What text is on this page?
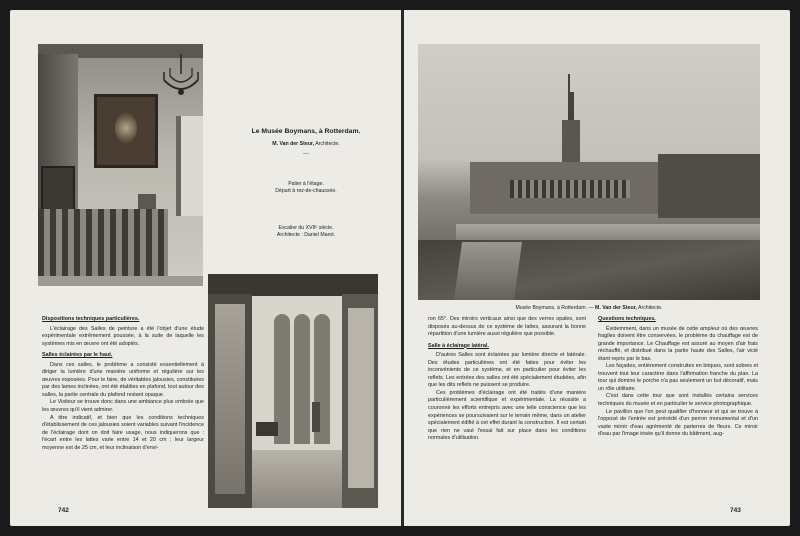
Le Musée Boymans, à Rotterdam.

M. Van der Steur, Architecte.

—

Palier à l'étage.

Départ à rez-de-chaussée.

Escalier du XVIIᵉ siècle.

Architecte : Daniel Marot.

Dispositions techniques particulières.

L'éclairage des Salles de peinture a été l'objet d'une étude expérimentale extrêmement poussée, à la suite de laquelle les systèmes mis en œuvre ont été adoptés.

Salles éclairées par le haut.

Dans ces salles, le problème a consisté essentiellement à diriger la lumière d'une manière uniforme et régulière sur les œuvres exposées. Pour le faire, de véritables jalousies, constituées par des lames inclinées, ont été établies en plafond, tout autour des salles, la partie centrale du plafond restant opaque.

Le Visiteur se trouve donc dans une ambiance plus ombrée que les œuvres qu'il vient admirer.

A titre indicatif, et bien que les conditions techniques d'établissement de ces jalousies soient variables suivant l'incidence de l'éclairage dont on doit faire usage, nous indiquerons que : l'écart entre les lattes varie entre 14 et 20 cm ; leur largeur moyenne est de 25 cm, et leur inclinaison d'envi-

742
Musée Boymans, à Rotterdam. — M. Van der Steur, Architecte.

ron 65°. Des miroirs verticaux ainsi que des verres opales, sont disposés au-dessus de ce système de lattes, assurant la bonne répartition d'une lumière aussi régulière que possible.

Salle à éclairage latéral.

D'autres Salles sont éclairées par lumière directe et latérale. Des études particulières ont été faites pour éviter les inconvénients de ce système, et en particulier pour éviter les reflets. Les entrées des salles ont été spécialement étudiées, afin que les dits reflets ne puissent se produire.

Ces problèmes d'éclairage ont été traités d'une manière particulièrement scientifique et expérimentale. La réussite a couronné les efforts entrepris avec une telle conscience que les expériences se poursuivaient sur le terrain même, dans un atelier spécialement édifié à cet effet durant la construction. Il est certain que rien ne vaut l'essai fait sur place dans les conditions normales d'utilisation.

Questions techniques.

Évidemment, dans un musée de cette ampleur où des œuvres fragiles doivent être conservées, le problème du chauffage est de grande importance. Le Chauffage est assuré au moyen d'air frais réchauffé, et distribué dans la partie haute des Salles, l'air vicié étant repris par le bas.

Les façades, entièrement construites en briques, sont sobres et trouvent tout leur caractère dans l'affirmation franche du plan. La tour qui domine le porche n'a pas seulement un but décoratif, mais un rôle utilitaire.

C'est dans cette tour que sont installés certains services techniques du musée et en particulier le service photographique.

Le pavillon que l'on peut qualifier d'honneur et qui se trouve à l'opposé de l'entrée est précédé d'un perron monumental et d'un vaste miroir d'eau agrémenté de parterres de fleurs. Ce miroir d'eau par l'image irisée qu'il donne du bâtiment, aug-

743
